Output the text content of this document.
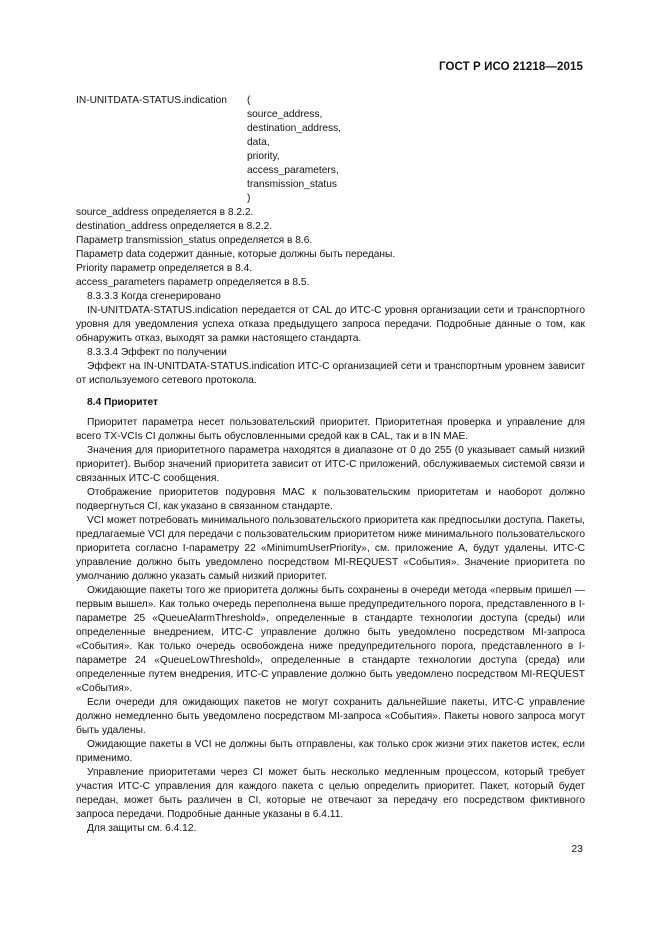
ГОСТ Р ИСО 21218—2015
IN-UNITDATA-STATUS.indication	(
source_address,
destination_address,
data,
priority,
access_parameters,
transmission_status
)
source_address определяется в 8.2.2.
destination_address определяется в 8.2.2.
Параметр transmission_status определяется в 8.6.
Параметр data содержит данные, которые должны быть переданы.
Priority параметр определяется в 8.4.
access_parameters параметр определяется в 8.5.
8.3.3.3 Когда сгенерировано

IN-UNITDATA-STATUS.indication передается от CAL до ИТС-С уровня организации сети и транспортного уровня для уведомления успеха отказа предыдущего запроса передачи. Подробные данные о том, как обнаружить отказ, выходят за рамки настоящего стандарта.

8.3.3.4 Эффект по получении

Эффект на IN-UNITDATA-STATUS.indication ИТС-С организацией сети и транспортным уровнем зависит от используемого сетевого протокола.

8.4 Приоритет

Приоритет параметра несет пользовательский приоритет. Приоритетная проверка и управление для всего TX-VCIs CI должны быть обусловленными средой как в CAL, так и в IN MAE.

Значения для приоритетного параметра находятся в диапазоне от 0 до 255 (0 указывает самый низкий приоритет). Выбор значений приоритета зависит от ИТС-С приложений, обслуживаемых системой связи и связанных ИТС-С сообщения.

Отображение приоритетов подуровня MAC к пользовательским приоритетам и наоборот должно подвергнуться CI, как указано в связанном стандарте.

VCI может потребовать минимального пользовательского приоритета как предпосылки доступа. Пакеты, предлагаемые VCI для передачи с пользовательским приоритетом ниже минимального пользовательского приоритета согласно I-параметру 22 «MinimumUserPriority», см. приложение А, будут удалены. ИТС-С управление должно быть уведомлено посредством MI-REQUEST «События». Значение приоритета по умолчанию должно указать самый низкий приоритет.

Ожидающие пакеты того же приоритета должны быть сохранены в очереди метода «первым пришел — первым вышел». Как только очередь переполнена выше предупредительного порога, представленного в I-параметре 25 «QueueAlarmThreshold», определенные в стандарте технологии доступа (среды) или определенные внедрением, ИТС-С управление должно быть уведомлено посредством MI-запроса «События». Как только очередь освобождена ниже предупредительного порога, представленного в I-параметре 24 «QueueLowThreshold», определенные в стандарте технологии доступа (среда) или определенные путем внедрения, ИТС-С управление должно быть уведомлено посредством MI-REQUEST «События».

Если очереди для ожидающих пакетов не могут сохранить дальнейшие пакеты, ИТС-С управление должно немедленно быть уведомлено посредством MI-запроса «События». Пакеты нового запроса могут быть удалены.

Ожидающие пакеты в VCI не должны быть отправлены, как только срок жизни этих пакетов истек, если применимо.

Управление приоритетами через CI может быть несколько медленным процессом, который требует участия ИТС-С управления для каждого пакета с целью определить приоритет. Пакет, который будет передан, может быть различен в CI, которые не отвечают за передачу его посредством фиктивного запроса передачи. Подробные данные указаны в 6.4.11.

Для защиты см. 6.4.12.

23
